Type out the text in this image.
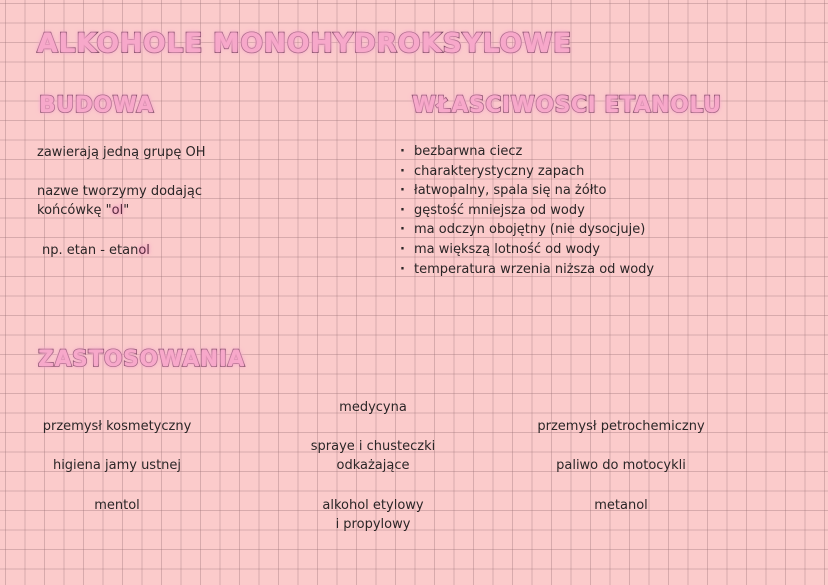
ALKOHOLE MONOHYDROKSYLOWE
BUDOWA	WŁASCIWOSCI ETANOLU
zawierają jedną grupę OH
nazwe tworzymy dodając
końcówkę "ol"
np. etan - etanol
· bezbarwna ciecz
· charakterystyczny zapach
· łatwopalny, spala się na żółto
· gęstość mniejsza od wody
· ma odczyn obojętny (nie dysocjuje)
· ma większą lotność od wody
· temperatura wrzenia niższa od wody
ZASTOSOWANIA
przemysł kosmetyczny
higiena jamy ustnej
mentol
medycyna
spraye i chusteczki
odkażające
alkohol etylowy
i propylowy
przemysł petrochemiczny
paliwo do motocykli
metanol
